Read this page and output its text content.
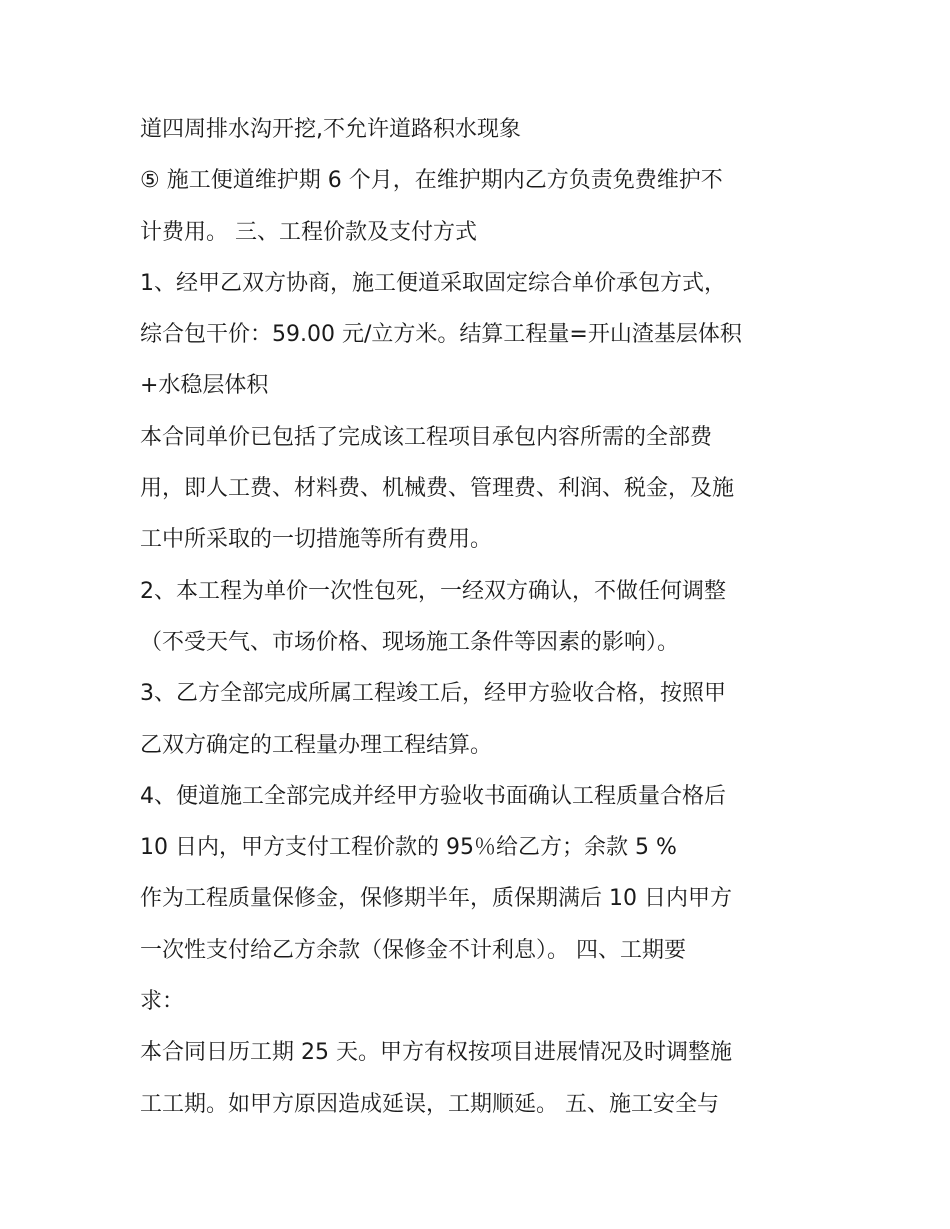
道四周排水沟开挖,不允许道路积水现象
⑤ 施工便道维护期 6 个月，在维护期内乙方负责免费维护不
计费用。 三、工程价款及支付方式
1、经甲乙双方协商，施工便道采取固定综合单价承包方式，
综合包干价：59.00 元/立方米。结算工程量=开山渣基层体积
+水稳层体积
本合同单价已包括了完成该工程项目承包内容所需的全部费
用，即人工费、材料费、机械费、管理费、利润、税金，及施
工中所采取的一切措施等所有费用。
2、本工程为单价一次性包死，一经双方确认，不做任何调整
（不受天气、市场价格、现场施工条件等因素的影响）。
3、乙方全部完成所属工程竣工后，经甲方验收合格，按照甲
乙双方确定的工程量办理工程结算。
4、便道施工全部完成并经甲方验收书面确认工程质量合格后
10 日内，甲方支付工程价款的 95％给乙方；余款 5 %
作为工程质量保修金，保修期半年，质保期满后 10 日内甲方
一次性支付给乙方余款（保修金不计利息）。 四、工期要
求：
本合同日历工期 25 天。甲方有权按项目进展情况及时调整施
工工期。如甲方原因造成延误，工期顺延。 五、施工安全与
